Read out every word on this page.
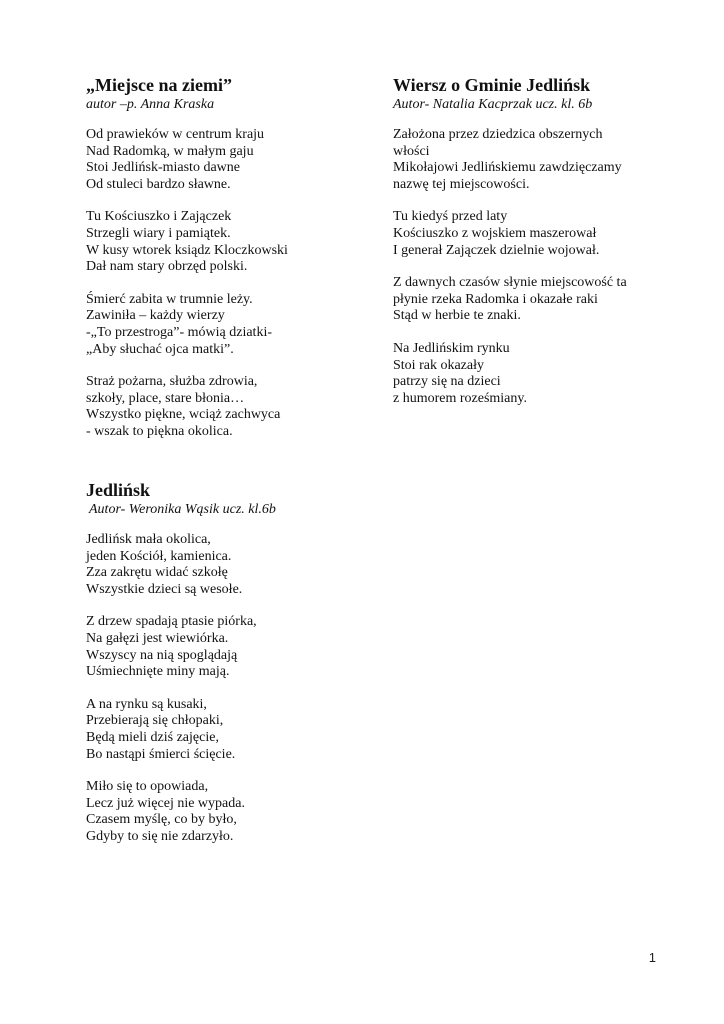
„Miejsce na ziemi”
autor –p. Anna Kraska
Od prawieków w centrum kraju
Nad Radomką, w małym gaju
Stoi Jedlińsk-miasto dawne
Od stuleci bardzo sławne.
Tu Kościuszko i Zajączek
Strzegli wiary i pamiątek.
W kusy wtorek ksiądz Kloczkowski
Dał nam stary obrzęd polski.
Śmierć zabita w trumnie leży.
Zawiniła – każdy wierzy
-„To przestroga”- mówią dziatki-
„Aby słuchać ojca matki”.
Straż pożarna, służba zdrowia,
szkoły, place, stare błonia…
Wszystko piękne, wciąż zachwyca
- wszak to piękna okolica.
Wiersz o Gminie Jedlińsk
Autor- Natalia Kacprzak ucz. kl. 6b
Założona przez dziedzica obszernych
włości
Mikołajowi Jedlińskiemu zawdzięczamy
nazwę tej miejscowości.
Tu kiedyś przed laty
Kościuszko z wojskiem maszerował
I generał Zajączek dzielnie wojował.
Z dawnych czasów słynie miejscowość ta
płynie rzeka Radomka i okazałe raki
Stąd w herbie te znaki.
Na Jedlińskim rynku
Stoi rak okazały
patrzy się na dzieci
z humorem roześmiany.
Jedlińsk
Autor- Weronika Wąsik ucz. kl.6b
Jedlińsk mała okolica,
jeden Kościół, kamienica.
Zza zakrętu widać szkołę
Wszystkie dzieci są wesołe.
Z drzew spadają ptasie piórka,
Na gałęzi jest wiewiórka.
Wszyscy na nią spoglądają
Uśmiechnięte miny mają.
A na rynku są kusaki,
Przebierają się chłopaki,
Będą mieli dziś zajęcie,
Bo nastąpi śmierci ścięcie.
Miło się to opowiada,
Lecz już więcej nie wypada.
Czasem myślę, co by było,
Gdyby to się nie zdarzyło.
1
